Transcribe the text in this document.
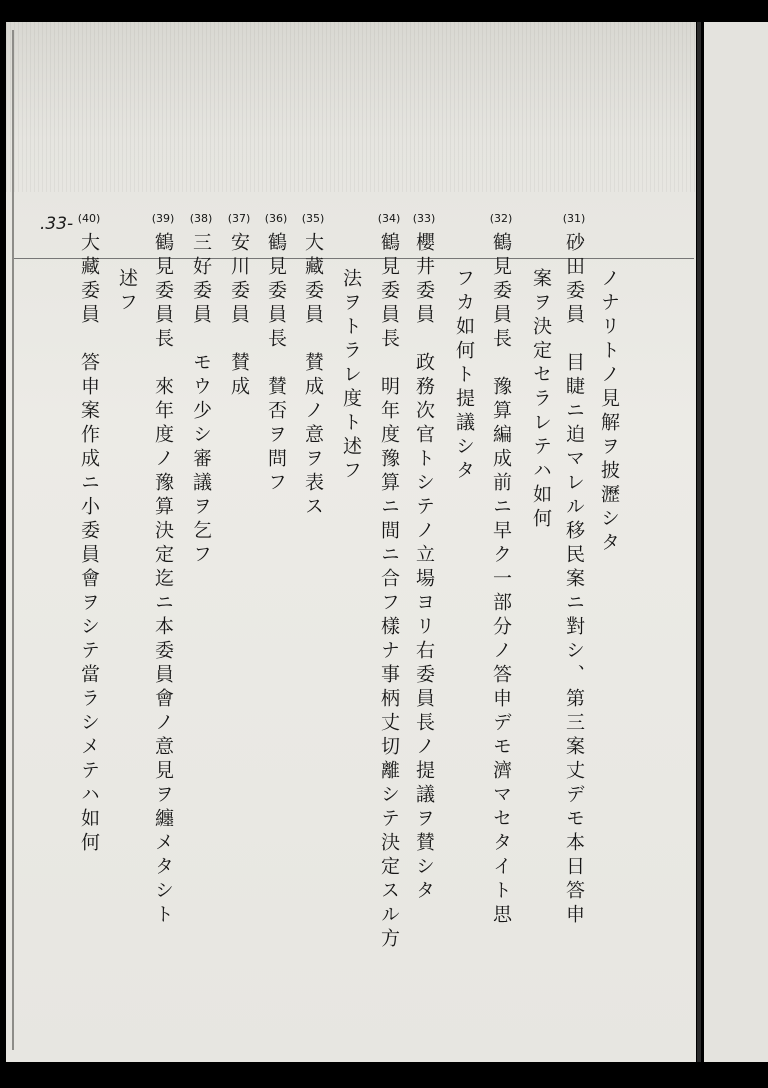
.33-	(31)
砂田委員　目睫ニ迫マレル移民案ニ對シ、第三案丈デモ本日答申 ノナリトノ見解ヲ披瀝シタ
案ヲ決定セラレテハ如何
(32)
鶴見委員長　豫算編成前ニ早ク一部分ノ答申デモ濟マセタイト思
フカ如何ト提議シタ
(33)
櫻井委員　政務次官トシテノ立場ヨリ右委員長ノ提議ヲ賛シタ
(34)
鶴見委員長　明年度豫算ニ間ニ合フ樣ナ事柄丈切離シテ決定スル方
法ヲトラレ度ト述フ
(35)
大藏委員　賛成ノ意ヲ表ス
(36)
鶴見委員長　賛否ヲ問フ
(37)
安川委員　賛成
(38)
三好委員　モウ少シ審議ヲ乞フ
(39)
鶴見委員長　來年度ノ豫算決定迄ニ本委員會ノ意見ヲ纏メタシト
述フ
(40)
大藏委員　答申案作成ニ小委員會ヲシテ當ラシメテハ如何
